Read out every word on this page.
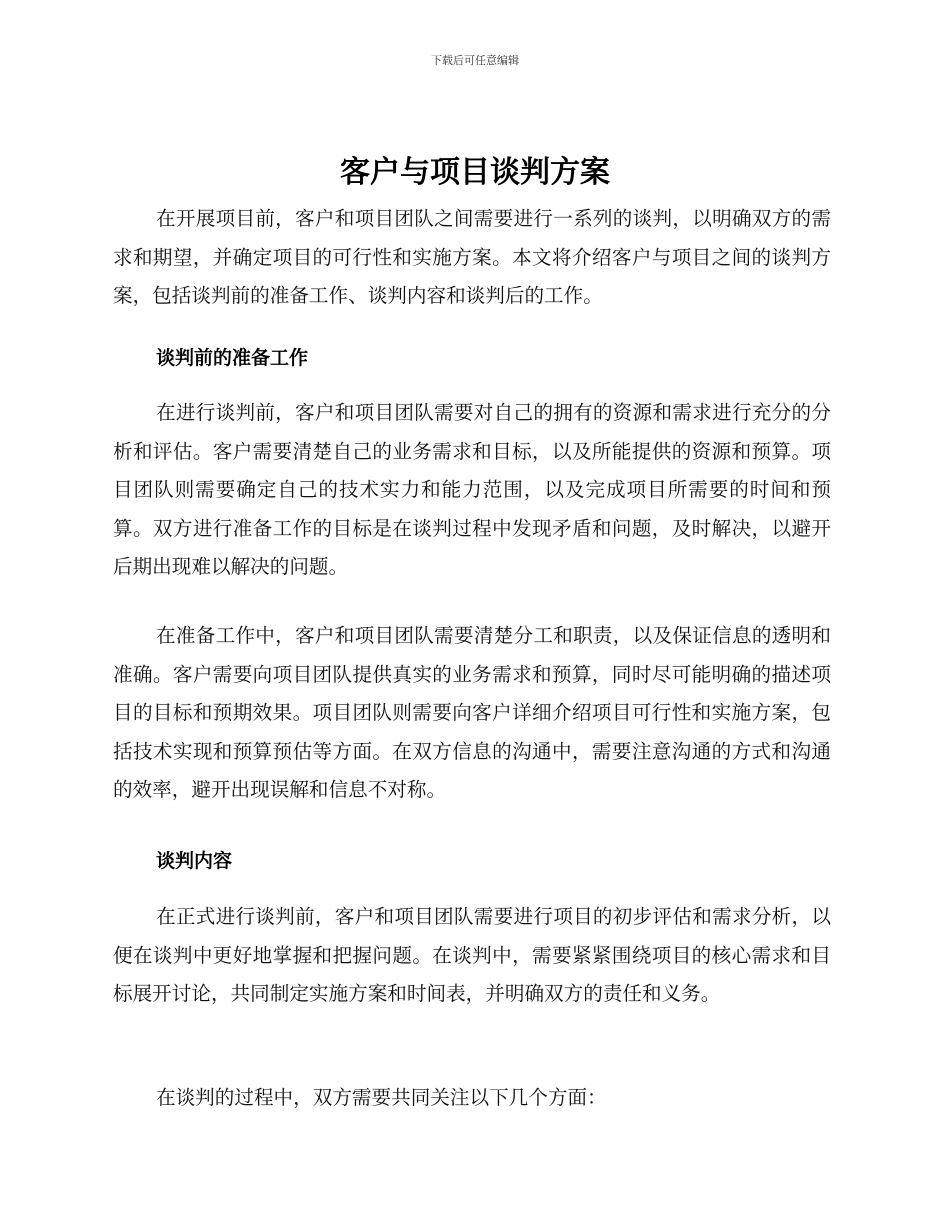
下载后可任意编辑
客户与项目谈判方案

在开展项目前，客户和项目团队之间需要进行一系列的谈判，以明确双方的需求和期望，并确定项目的可行性和实施方案。本文将介绍客户与项目之间的谈判方案，包括谈判前的准备工作、谈判内容和谈判后的工作。

谈判前的准备工作

在进行谈判前，客户和项目团队需要对自己的拥有的资源和需求进行充分的分析和评估。客户需要清楚自己的业务需求和目标，以及所能提供的资源和预算。项目团队则需要确定自己的技术实力和能力范围，以及完成项目所需要的时间和预算。双方进行准备工作的目标是在谈判过程中发现矛盾和问题，及时解决，以避开后期出现难以解决的问题。

在准备工作中，客户和项目团队需要清楚分工和职责，以及保证信息的透明和准确。客户需要向项目团队提供真实的业务需求和预算，同时尽可能明确的描述项目的目标和预期效果。项目团队则需要向客户详细介绍项目可行性和实施方案，包括技术实现和预算预估等方面。在双方信息的沟通中，需要注意沟通的方式和沟通的效率，避开出现误解和信息不对称。

谈判内容

在正式进行谈判前，客户和项目团队需要进行项目的初步评估和需求分析，以便在谈判中更好地掌握和把握问题。在谈判中，需要紧紧围绕项目的核心需求和目标展开讨论，共同制定实施方案和时间表，并明确双方的责任和义务。

在谈判的过程中，双方需要共同关注以下几个方面：
